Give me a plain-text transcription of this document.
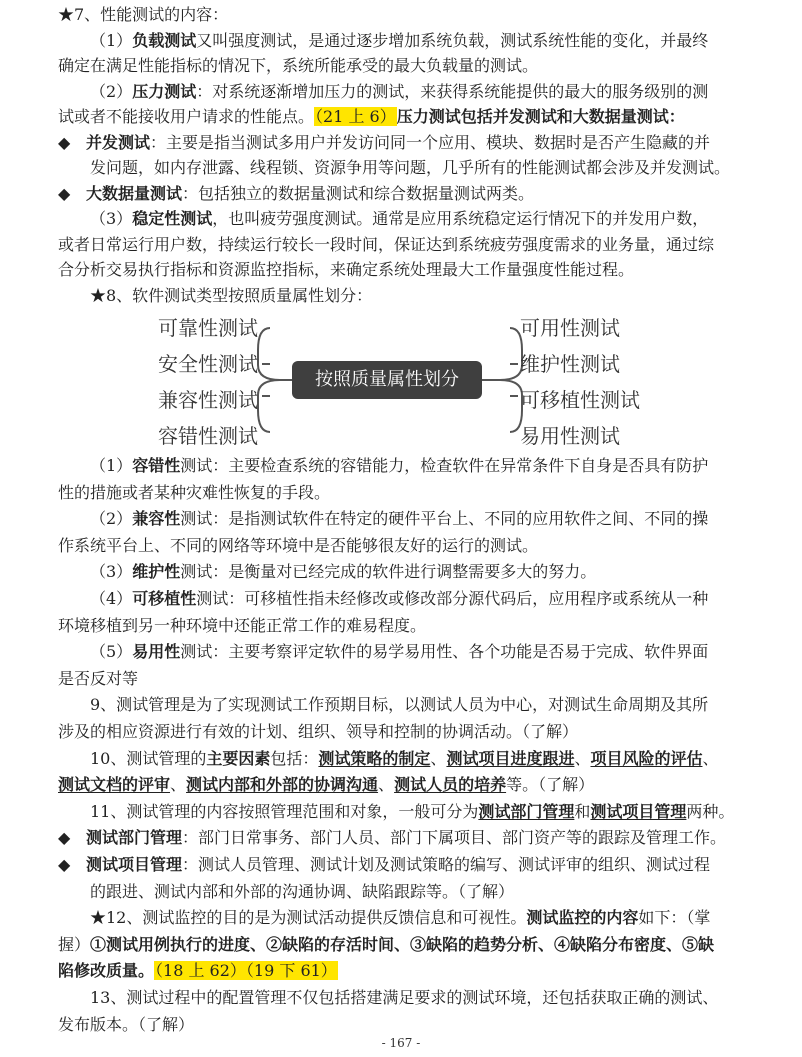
★7、性能测试的内容：
（1）负载测试又叫强度测试，是通过逐步增加系统负载，测试系统性能的变化，并最终
确定在满足性能指标的情况下，系统所能承受的最大负载量的测试。
（2）压力测试：对系统逐渐增加压力的测试，来获得系统能提供的最大的服务级别的测
试或者不能接收用户请求的性能点。（21 上 6）压力测试包括并发测试和大数据量测试：
◆ 并发测试：主要是指当测试多用户并发访问同一个应用、模块、数据时是否产生隐藏的并
发问题，如内存泄露、线程锁、资源争用等问题，几乎所有的性能测试都会涉及并发测试。
◆ 大数据量测试：包括独立的数据量测试和综合数据量测试两类。
（3）稳定性测试，也叫疲劳强度测试。通常是应用系统稳定运行情况下的并发用户数，
或者日常运行用户数，持续运行较长一段时间，保证达到系统疲劳强度需求的业务量，通过综
合分析交易执行指标和资源监控指标，来确定系统处理最大工作量强度性能过程。
★8、软件测试类型按照质量属性划分：
可靠性测试
安全性测试
兼容性测试
容错性测试
按照质量属性划分
可用性测试
维护性测试
可移植性测试
易用性测试
（1）容错性测试：主要检查系统的容错能力，检查软件在异常条件下自身是否具有防护
性的措施或者某种灾难性恢复的手段。
（2）兼容性测试：是指测试软件在特定的硬件平台上、不同的应用软件之间、不同的操
作系统平台上、不同的网络等环境中是否能够很友好的运行的测试。
（3）维护性测试：是衡量对已经完成的软件进行调整需要多大的努力。
（4）可移植性测试：可移植性指未经修改或修改部分源代码后，应用程序或系统从一种
环境移植到另一种环境中还能正常工作的难易程度。
（5）易用性测试：主要考察评定软件的易学易用性、各个功能是否易于完成、软件界面
是否反对等
9、测试管理是为了实现测试工作预期目标，以测试人员为中心，对测试生命周期及其所
涉及的相应资源进行有效的计划、组织、领导和控制的协调活动。（了解）
10、测试管理的主要因素包括：测试策略的制定、测试项目进度跟进、项目风险的评估、
测试文档的评审、测试内部和外部的协调沟通、测试人员的培养等。（了解）
11、测试管理的内容按照管理范围和对象，一般可分为测试部门管理和测试项目管理两种。
◆ 测试部门管理：部门日常事务、部门人员、部门下属项目、部门资产等的跟踪及管理工作。
◆ 测试项目管理：测试人员管理、测试计划及测试策略的编写、测试评审的组织、测试过程
的跟进、测试内部和外部的沟通协调、缺陷跟踪等。（了解）
★12、测试监控的目的是为测试活动提供反馈信息和可视性。测试监控的内容如下：（掌
握）①测试用例执行的进度、②缺陷的存活时间、③缺陷的趋势分析、④缺陷分布密度、⑤缺
陷修改质量。（18 上 62）（19 下 61）
13、测试过程中的配置管理不仅包括搭建满足要求的测试环境，还包括获取正确的测试、
发布版本。（了解）
- 167 -
